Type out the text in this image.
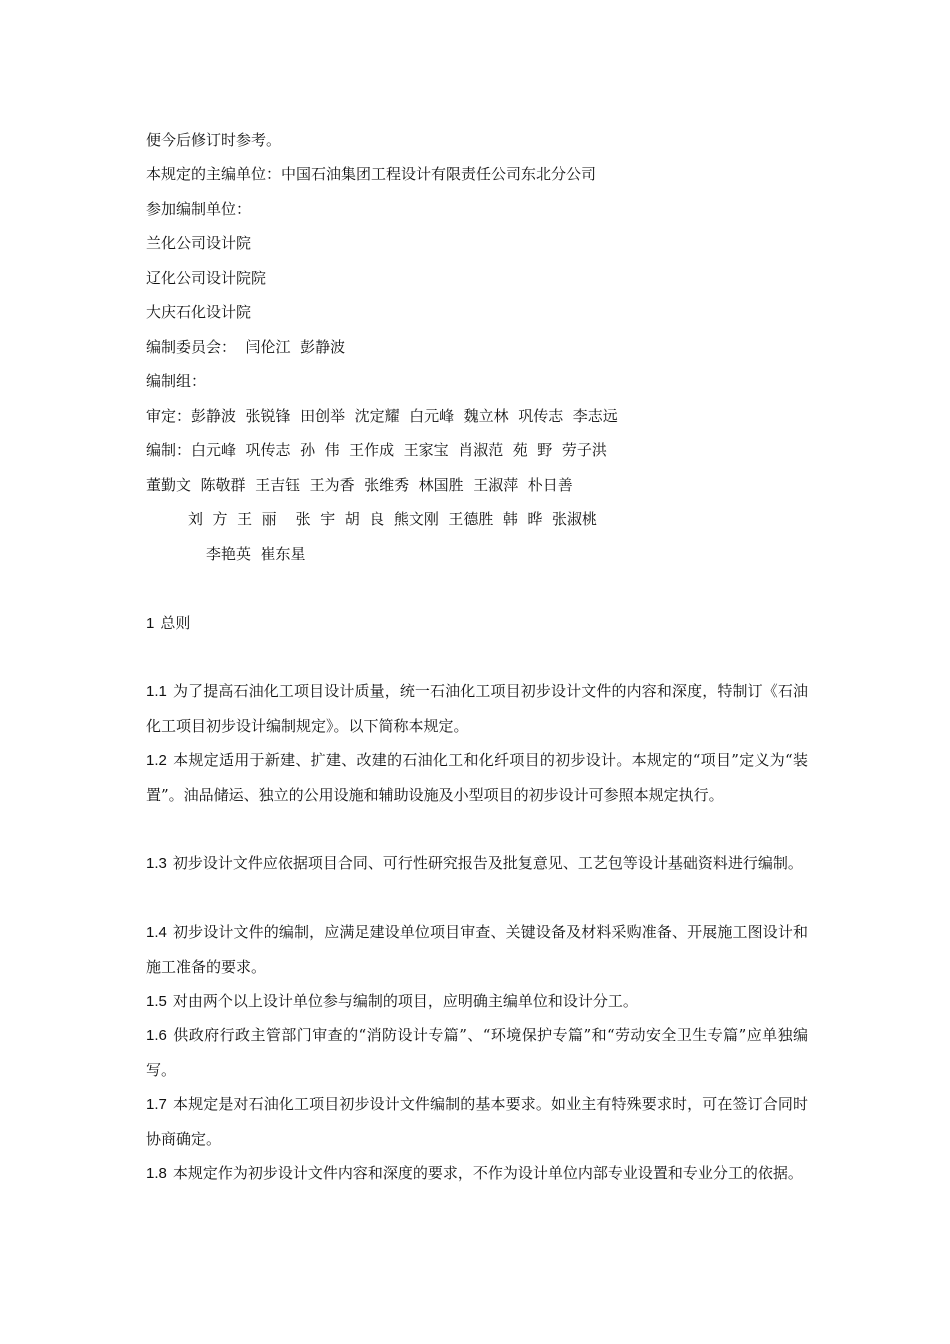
便今后修订时参考。
本规定的主编单位：中国石油集团工程设计有限责任公司东北分公司
参加编制单位：
兰化公司设计院
辽化公司设计院院
大庆石化设计院
编制委员会：  闫伦江  彭静波
编制组：
审定：彭静波  张锐锋  田创举  沈定耀  白元峰  魏立林  巩传志  李志远
编制：白元峰  巩传志  孙  伟  王作成  王家宝  肖淑范  苑  野  劳子洪
董勤文  陈敬群  王吉钰  王为香  张维秀  林国胜  王淑萍  朴日善
刘  方  王  丽    张  宇  胡  良  熊文刚  王德胜  韩  晔  张淑桃
李艳英  崔东星
1 总则
1.1 为了提高石油化工项目设计质量，统一石油化工项目初步设计文件的内容和深度，特制订《石油化工项目初步设计编制规定》。以下简称本规定。
1.2 本规定适用于新建、扩建、改建的石油化工和化纤项目的初步设计。本规定的“项目”定义为“装置”。油品储运、独立的公用设施和辅助设施及小型项目的初步设计可参照本规定执行。
1.3 初步设计文件应依据项目合同、可行性研究报告及批复意见、工艺包等设计基础资料进行编制。
1.4 初步设计文件的编制，应满足建设单位项目审查、关键设备及材料采购准备、开展施工图设计和施工准备的要求。
1.5 对由两个以上设计单位参与编制的项目，应明确主编单位和设计分工。
1.6 供政府行政主管部门审查的“消防设计专篇”、“环境保护专篇”和“劳动安全卫生专篇”应单独编写。
1.7 本规定是对石油化工项目初步设计文件编制的基本要求。如业主有特殊要求时，可在签订合同时协商确定。
1.8 本规定作为初步设计文件内容和深度的要求，不作为设计单位内部专业设置和专业分工的依据。
